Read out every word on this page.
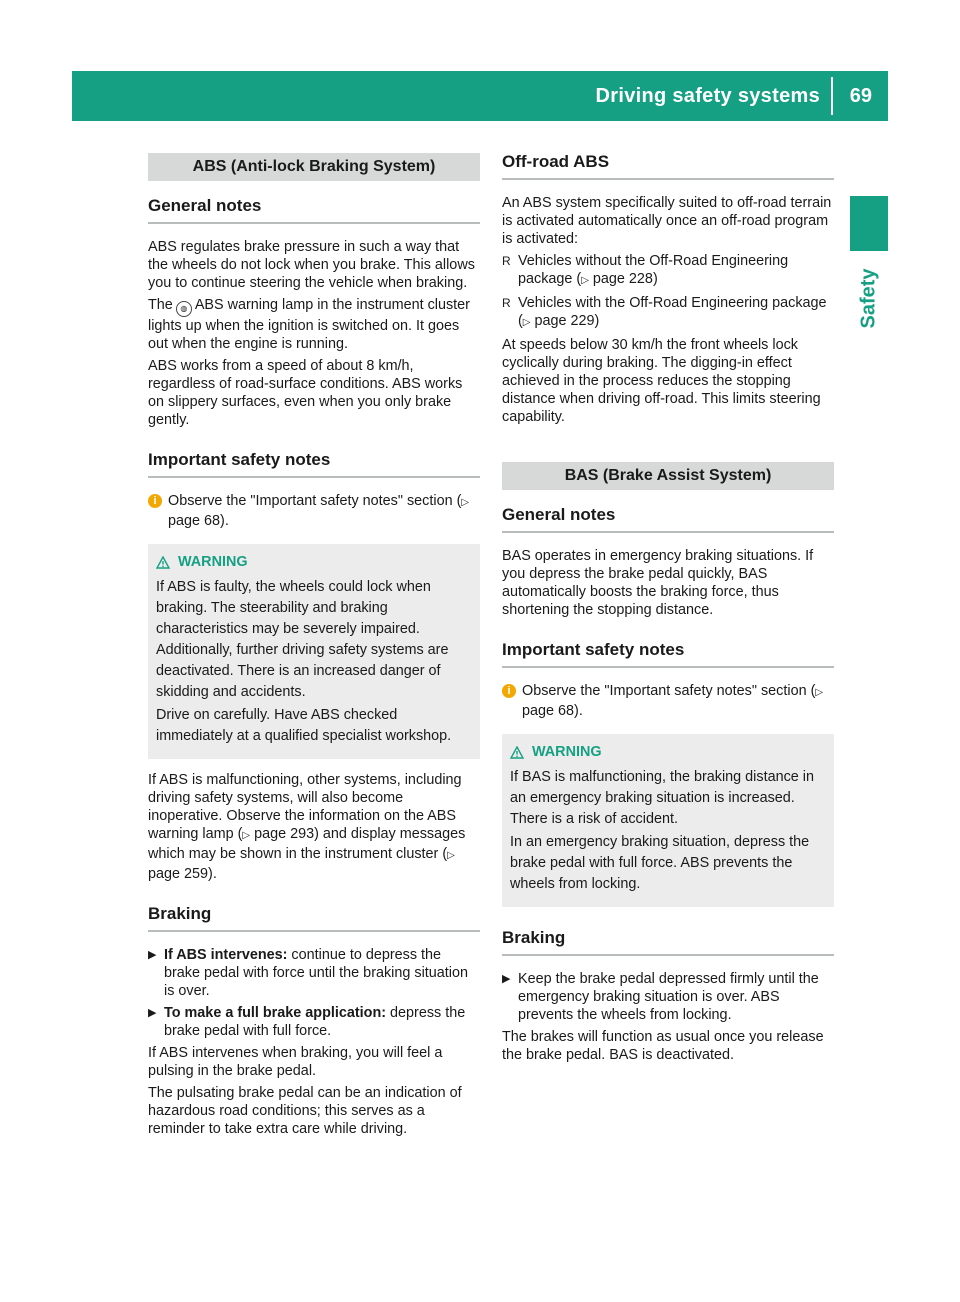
Driving safety systems 69
Safety
ABS (Anti-lock Braking System)
General notes

ABS regulates brake pressure in such a way that the wheels do not lock when you brake. This allows you to continue steering the vehicle when braking.

The ◍ ABS warning lamp in the instrument cluster lights up when the ignition is switched on. It goes out when the engine is running.

ABS works from a speed of about 8 km/h, regardless of road-surface conditions. ABS works on slippery surfaces, even when you only brake gently.

Important safety notes
i Observe the "Important safety notes" section (▷ page 68).
WARNING

If ABS is faulty, the wheels could lock when braking. The steerability and braking characteristics may be severely impaired. Additionally, further driving safety systems are deactivated. There is an increased danger of skidding and accidents.

Drive on carefully. Have ABS checked immediately at a qualified specialist workshop.

If ABS is malfunctioning, other systems, including driving safety systems, will also become inoperative. Observe the information on the ABS warning lamp (▷ page 293) and display messages which may be shown in the instrument cluster (▷ page 259).

Braking
▶ If ABS intervenes: continue to depress the brake pedal with force until the braking situation is over.
▶ To make a full brake application: depress the brake pedal with full force.

If ABS intervenes when braking, you will feel a pulsing in the brake pedal.

The pulsating brake pedal can be an indication of hazardous road conditions; this serves as a reminder to take extra care while driving.

Off-road ABS

An ABS system specifically suited to off-road terrain is activated automatically once an off-road program is activated:

R Vehicles without the Off-Road Engineering package (▷ page 228)
R Vehicles with the Off-Road Engineering package (▷ page 229)

At speeds below 30 km/h the front wheels lock cyclically during braking. The digging-in effect achieved in the process reduces the stopping distance when driving off-road. This limits steering capability.

BAS (Brake Assist System)
General notes

BAS operates in emergency braking situations. If you depress the brake pedal quickly, BAS automatically boosts the braking force, thus shortening the stopping distance.

Important safety notes
i Observe the "Important safety notes" section (▷ page 68).
WARNING

If BAS is malfunctioning, the braking distance in an emergency braking situation is increased. There is a risk of accident.

In an emergency braking situation, depress the brake pedal with full force. ABS prevents the wheels from locking.

Braking
▶ Keep the brake pedal depressed firmly until the emergency braking situation is over. ABS prevents the wheels from locking.

The brakes will function as usual once you release the brake pedal. BAS is deactivated.
